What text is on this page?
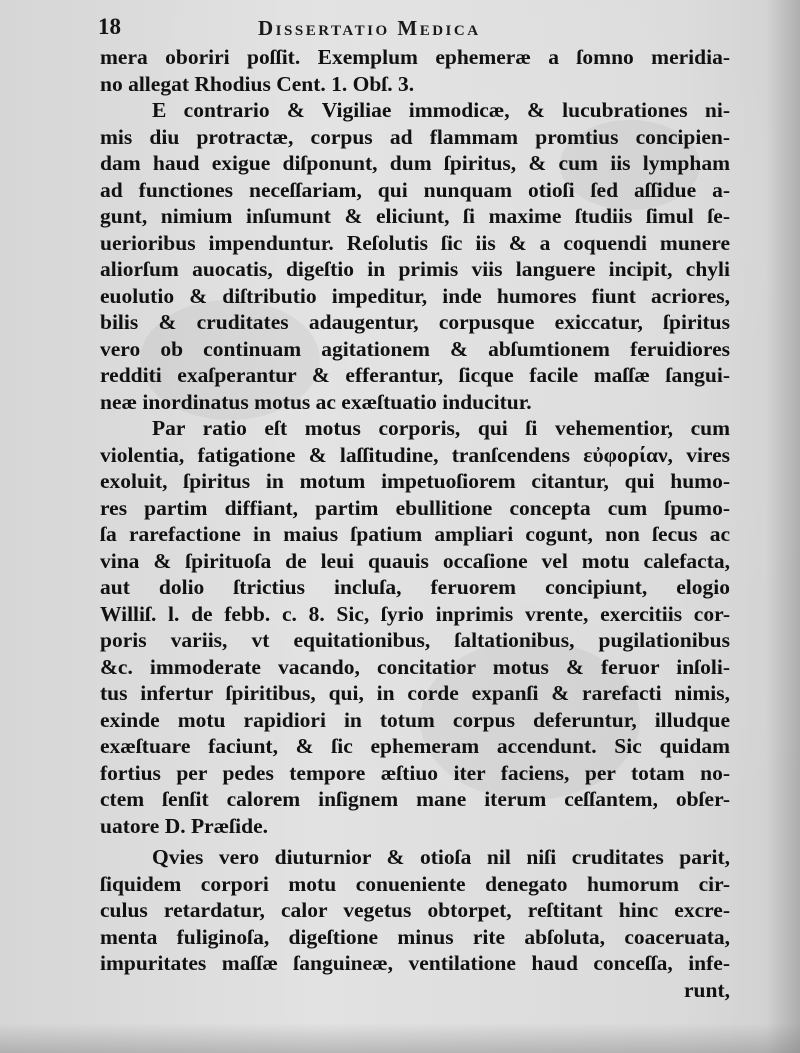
18	Dissertatio Medica
mera oboriri poſſit. Exemplum ephemeræ a ſomno meridia-
no allegat Rhodius Cent. 1. Obſ. 3.
E contrario & Vigiliae immodicæ, & lucubrationes ni-
mis diu protractæ, corpus ad flammam promtius concipien-
dam haud exigue diſponunt, dum ſpiritus, & cum iis lympham
ad functiones neceſſariam, qui nunquam otioſi ſed aſſidue a-
gunt, nimium inſumunt & eliciunt, ſi maxime ſtudiis ſimul ſe-
uerioribus impenduntur. Reſolutis ſic iis & a coquendi munere
aliorſum auocatis, digeſtio in primis viis languere incipit, chyli
euolutio & diſtributio impeditur, inde humores fiunt acriores,
bilis & cruditates adaugentur, corpusque exiccatur, ſpiritus
vero ob continuam agitationem & abſumtionem feruidiores
redditi exaſperantur & efferantur, ſicque facile maſſæ ſangui-
neæ inordinatus motus ac exæſtuatio inducitur.
Par ratio eſt motus corporis, qui ſi vehementior, cum
violentia, fatigatione & laſſitudine, tranſcendens εὐφορίαν, vires
exoluit, ſpiritus in motum impetuoſiorem citantur, qui humo-
res partim diffiant, partim ebullitione concepta cum ſpumo-
ſa rarefactione in maius ſpatium ampliari cogunt, non ſecus ac
vina & ſpirituoſa de leui quauis occaſione vel motu calefacta,
aut dolio ſtrictius incluſa, feruorem concipiunt, elogio
Williſ. l. de febb. c. 8. Sic, ſyrio inprimis vrente, exercitiis cor-
poris variis, vt equitationibus, ſaltationibus, pugilationibus
&c. immoderate vacando, concitatior motus & feruor inſoli-
tus infertur ſpiritibus, qui, in corde expanſi & rarefacti nimis,
exinde motu rapidiori in totum corpus deferuntur, illudque
exæſtuare faciunt, & ſic ephemeram accendunt. Sic quidam
fortius per pedes tempore æſtiuo iter faciens, per totam no-
ctem ſenſit calorem inſignem mane iterum ceſſantem, obſer-
uatore D. Præſide.
Qvies vero diuturnior & otioſa nil niſi cruditates parit,
ſiquidem corpori motu conueniente denegato humorum cir-
culus retardatur, calor vegetus obtorpet, reſtitant hinc excre-
menta fuliginoſa, digeſtione minus rite abſoluta, coaceruata,
impuritates maſſæ ſanguineæ, ventilatione haud conceſſa, infe-
runt,
